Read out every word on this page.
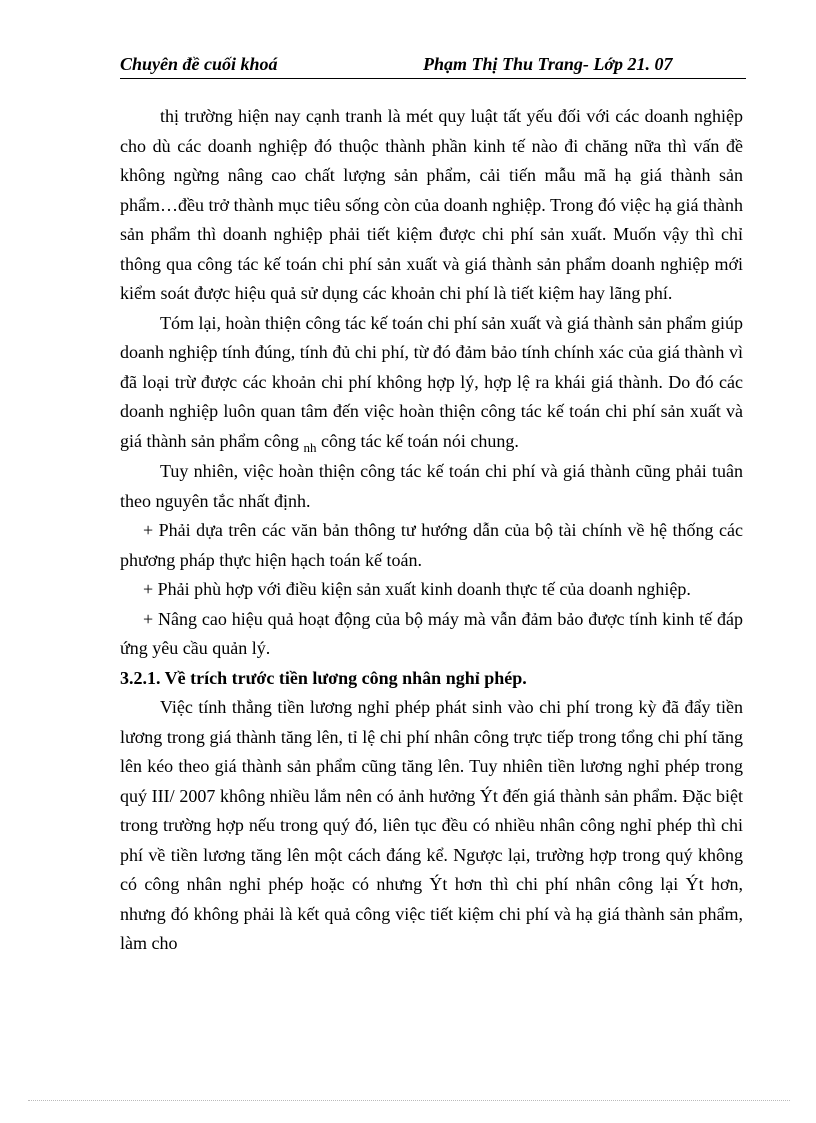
Chuyên đề cuối khoá	Phạm Thị Thu Trang- Lớp 21. 07

thị trường hiện nay cạnh tranh là mét quy luật tất yếu đối với các doanh nghiệp cho dù các doanh nghiệp đó thuộc thành phần kinh tế nào đi chăng nữa thì vấn đề không ngừng nâng cao chất lượng sản phẩm, cải tiến mẫu mã hạ giá thành sản phẩm…đều trở thành mục tiêu sống còn của doanh nghiệp. Trong đó việc hạ giá thành sản phẩm thì doanh nghiệp phải tiết kiệm được chi phí sản xuất. Muốn vậy thì chỉ thông qua công tác kế toán chi phí sản xuất và giá thành sản phẩm doanh nghiệp mới kiểm soát được hiệu quả sử dụng các khoản chi phí là tiết kiệm hay lãng phí.

Tóm lại, hoàn thiện công tác kế toán chi phí sản xuất và giá thành sản phẩm giúp doanh nghiệp tính đúng, tính đủ chi phí, từ đó đảm bảo tính chính xác của giá thành vì đã loại trừ được các khoản chi phí không hợp lý, hợp lệ ra khái giá thành. Do đó các doanh nghiệp luôn quan tâm đến việc hoàn thiện công tác kế toán chi phí sản xuất và giá thành sản phẩm công $_{nh}$ công tác kế toán nói chung.

Tuy nhiên, việc hoàn thiện công tác kế toán chi phí và giá thành cũng phải tuân theo nguyên tắc nhất định.

+ Phải dựa trên các văn bản thông tư hướng dẫn của bộ tài chính về hệ thống các phương pháp thực hiện hạch toán kế toán.

+ Phải phù hợp với điều kiện sản xuất kinh doanh thực tế của doanh nghiệp.

+ Nâng cao hiệu quả hoạt động của bộ máy mà vẫn đảm bảo được tính kinh tế đáp ứng yêu cầu quản lý.

3.2.1. Về trích trước tiền lương công nhân nghỉ phép.

Việc tính thẳng tiền lương nghỉ phép phát sinh vào chi phí trong kỳ đã đẩy tiền lương trong giá thành tăng lên, tỉ lệ chi phí nhân công trực tiếp trong tổng chi phí tăng lên kéo theo giá thành sản phẩm cũng tăng lên. Tuy nhiên tiền lương nghỉ phép trong quý III/ 2007 không nhiều lắm nên có ảnh hưởng Ýt đến giá thành sản phẩm. Đặc biệt trong trường hợp nếu trong quý đó, liên tục đều có nhiều nhân công nghỉ phép thì chi phí về tiền lương tăng lên một cách đáng kể. Ngược lại, trường hợp trong quý không có công nhân nghỉ phép hoặc có nhưng Ýt hơn thì chi phí nhân công lại Ýt hơn, nhưng đó không phải là kết quả công việc tiết kiệm chi phí và hạ giá thành sản phẩm, làm cho
